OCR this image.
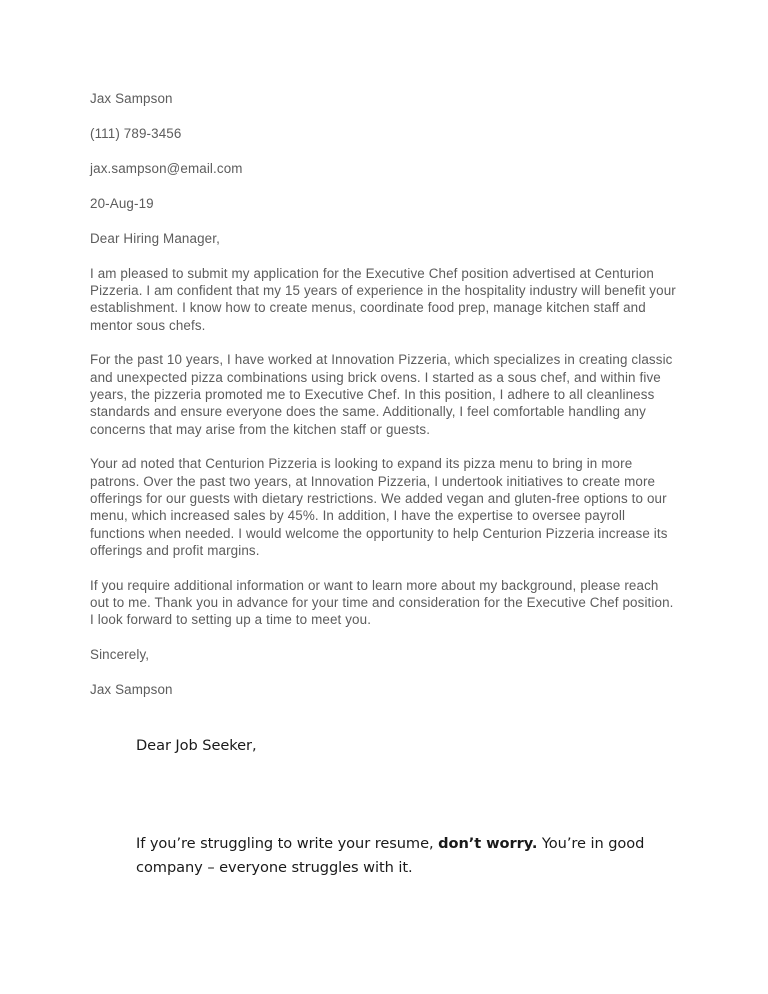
Jax Sampson

(111) 789-3456

jax.sampson@email.com

20-Aug-19

Dear Hiring Manager,

I am pleased to submit my application for the Executive Chef position advertised at Centurion Pizzeria. I am confident that my 15 years of experience in the hospitality industry will benefit your establishment. I know how to create menus, coordinate food prep, manage kitchen staff and mentor sous chefs.

For the past 10 years, I have worked at Innovation Pizzeria, which specializes in creating classic and unexpected pizza combinations using brick ovens. I started as a sous chef, and within five years, the pizzeria promoted me to Executive Chef. In this position, I adhere to all cleanliness standards and ensure everyone does the same. Additionally, I feel comfortable handling any concerns that may arise from the kitchen staff or guests.

Your ad noted that Centurion Pizzeria is looking to expand its pizza menu to bring in more patrons. Over the past two years, at Innovation Pizzeria, I undertook initiatives to create more offerings for our guests with dietary restrictions. We added vegan and gluten-free options to our menu, which increased sales by 45%. In addition, I have the expertise to oversee payroll functions when needed. I would welcome the opportunity to help Centurion Pizzeria increase its offerings and profit margins.

If you require additional information or want to learn more about my background, please reach out to me. Thank you in advance for your time and consideration for the Executive Chef position. I look forward to setting up a time to meet you.

Sincerely,

Jax Sampson

Dear Job Seeker,

If you’re struggling to write your resume, don’t worry. You’re in good company – everyone struggles with it.
